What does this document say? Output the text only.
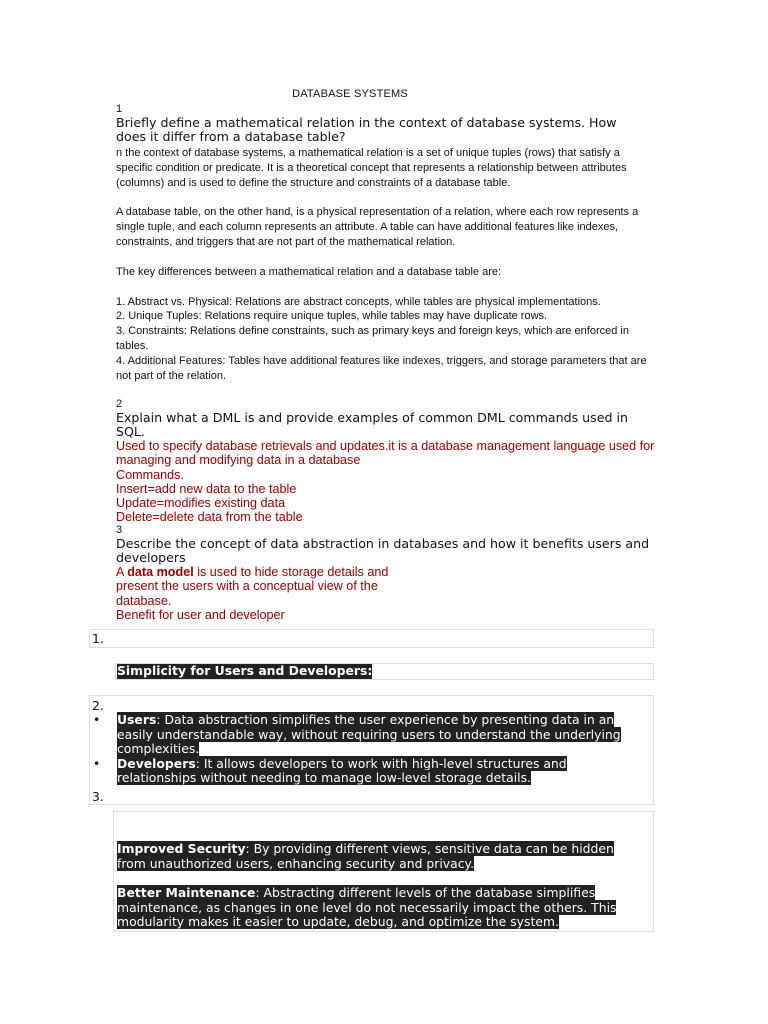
DATABASE SYSTEMS
1
Briefly define a mathematical relation in the context of database systems. How does it differ from a database table?

n the context of database systems, a mathematical relation is a set of unique tuples (rows) that satisfy a specific condition or predicate. It is a theoretical concept that represents a relationship between attributes (columns) and is used to define the structure and constraints of a database table.

A database table, on the other hand, is a physical representation of a relation, where each row represents a single tuple, and each column represents an attribute. A table can have additional features like indexes, constraints, and triggers that are not part of the mathematical relation.

The key differences between a mathematical relation and a database table are:

1. Abstract vs. Physical: Relations are abstract concepts, while tables are physical implementations.

2. Unique Tuples: Relations require unique tuples, while tables may have duplicate rows.

3. Constraints: Relations define constraints, such as primary keys and foreign keys, which are enforced in tables.

4. Additional Features: Tables have additional features like indexes, triggers, and storage parameters that are not part of the relation.

2
Explain what a DML is and provide examples of common DML commands used in SQL.

Used to specify database retrievals and updates.it is a database management language used for managing and modifying data in a database

Commands.

Insert=add new data to the table

Update=modifies existing data

Delete=delete data from the table

3
Describe the concept of data abstraction in databases and how it benefits users and developers

A data model is used to hide storage details and

present the users with a conceptual view of the

database.

Benefit for user and developer

1.
Simplicity for Users and Developers:
2.
• Users: Data abstraction simplifies the user experience by presenting data in an easily understandable way, without requiring users to understand the underlying complexities.
• Developers: It allows developers to work with high-level structures and relationships without needing to manage low-level storage details.
3.

Improved Security: By providing different views, sensitive data can be hidden from unauthorized users, enhancing security and privacy.

Better Maintenance: Abstracting different levels of the database simplifies maintenance, as changes in one level do not necessarily impact the others. This modularity makes it easier to update, debug, and optimize the system.
